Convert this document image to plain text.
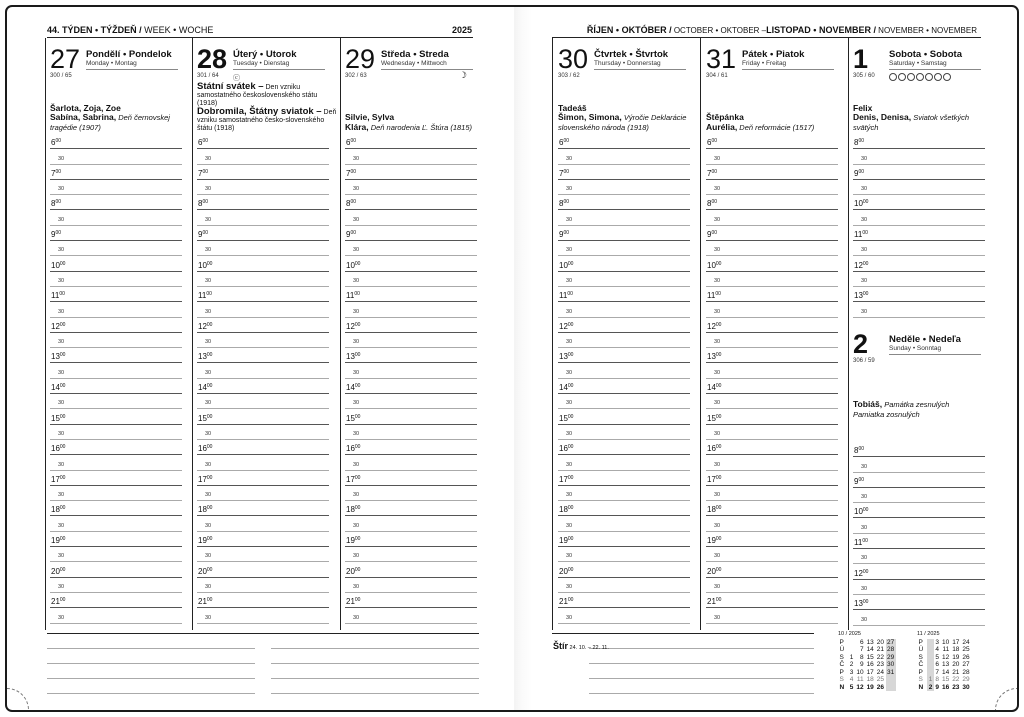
44. TÝDEN • TÝŽDEŇ / WEEK • WOCHE	2025	ŘÍJEN • OKTÓBER / OCTOBER • OKTOBER –LISTOPAD • NOVEMBER / NOVEMBER • NOVEMBER
27 Pondělí • Pondelok
Monday • Montag
300 / 65
Šarlota, Zoja, Zoe
Sabína, Sabrina, Deň černovskej tragédie (1907)
$6^{00}$
30
$7^{00}$
30
$8^{00}$
30
$9^{00}$
30
$10^{00}$
30
$11^{00}$
30
$12^{00}$
30
$13^{00}$
30
$14^{00}$
30
$15^{00}$
30
$16^{00}$
30
$17^{00}$
30
$18^{00}$
30
$19^{00}$
30
$20^{00}$
30
$21^{00}$
30
28 Úterý • Utorok
Tuesday • Dienstag
301 / 64 ⓒ
Státní svátek – Den vzniku samostatného československého státu (1918)
Dobromila, Štátny sviatok – Deň vzniku samostatného česko-slovenského štátu (1918)
$6^{00}$
30
$7^{00}$
30
$8^{00}$
30
$9^{00}$
30
$10^{00}$
30
$11^{00}$
30
$12^{00}$
30
$13^{00}$
30
$14^{00}$
30
$15^{00}$
30
$16^{00}$
30
$17^{00}$
30
$18^{00}$
30
$19^{00}$
30
$20^{00}$
30
$21^{00}$
30
29 Středa • Streda
Wednesday • Mittwoch
302 / 63	☽
Silvie, Sylva
Klára, Deň narodenia Ľ. Štúra (1815)
$6^{00}$
30
$7^{00}$
30
$8^{00}$
30
$9^{00}$
30
$10^{00}$
30
$11^{00}$
30
$12^{00}$
30
$13^{00}$
30
$14^{00}$
30
$15^{00}$
30
$16^{00}$
30
$17^{00}$
30
$18^{00}$
30
$19^{00}$
30
$20^{00}$
30
$21^{00}$
30
30 Čtvrtek • Štvrtok
Thursday • Donnerstag
303 / 62
Tadeáš
Šimon, Simona, Výročie Deklarácie slovenského národa (1918)
$6^{00}$
30
$7^{00}$
30
$8^{00}$
30
$9^{00}$
30
$10^{00}$
30
$11^{00}$
30
$12^{00}$
30
$13^{00}$
30
$14^{00}$
30
$15^{00}$
30
$16^{00}$
30
$17^{00}$
30
$18^{00}$
30
$19^{00}$
30
$20^{00}$
30
$21^{00}$
30
31 Pátek • Piatok
Friday • Freitag
304 / 61
Štěpánka
Aurélia, Deň reformácie (1517)
$6^{00}$
30
$7^{00}$
30
$8^{00}$
30
$9^{00}$
30
$10^{00}$
30
$11^{00}$
30
$12^{00}$
30
$13^{00}$
30
$14^{00}$
30
$15^{00}$
30
$16^{00}$
30
$17^{00}$
30
$18^{00}$
30
$19^{00}$
30
$20^{00}$
30
$21^{00}$
30
1 Sobota • Sobota
Saturday • Samstag
305 / 60
Felix
Denis, Denisa, Sviatok všetkých svätých
$8^{00}$
30
$9^{00}$
30
$10^{00}$
30
$11^{00}$
30
$12^{00}$
30
$13^{00}$
30
2 Neděle • Nedeľa
Sunday • Sonntag
306 / 59
Tobiáš, Památka zesnulých
Pamiatka zosnulých
$8^{00}$
30
$9^{00}$
30
$10^{00}$
30
$11^{00}$
30
$12^{00}$
30
$13^{00}$
30
Štír 24. 10. – 22. 11.
10 / 2025
P		6	13	20	27
Ú		7	14	21	28
S	1	8	15	22	29
Č	2	9	16	23	30
P	3	10	17	24	31
S	4	11	18	25	
N	5	12	19	26	
11 / 2025
P		3	10	17	24
Ú		4	11	18	25
S		5	12	19	26
Č		6	13	20	27
P		7	14	21	28
S	1	8	15	22	29
N	2	9	16	23	30
